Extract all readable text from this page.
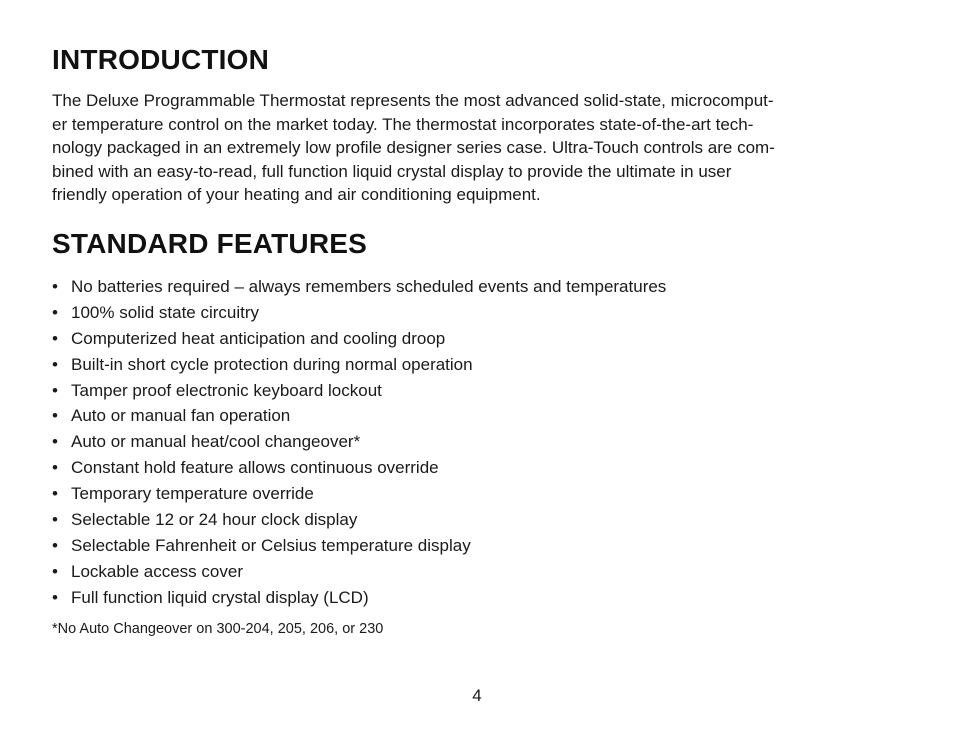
INTRODUCTION

The Deluxe Programmable Thermostat represents the most advanced solid-state, microcomput-
er temperature control on the market today. The thermostat incorporates state-of-the-art tech-
nology packaged in an extremely low profile designer series case. Ultra-Touch controls are com-
bined with an easy-to-read, full function liquid crystal display to provide the ultimate in user
friendly operation of your heating and air conditioning equipment.

STANDARD FEATURES
• No batteries required – always remembers scheduled events and temperatures
• 100% solid state circuitry
• Computerized heat anticipation and cooling droop
• Built-in short cycle protection during normal operation
• Tamper proof electronic keyboard lockout
• Auto or manual fan operation
• Auto or manual heat/cool changeover*
• Constant hold feature allows continuous override
• Temporary temperature override
• Selectable 12 or 24 hour clock display
• Selectable Fahrenheit or Celsius temperature display
• Lockable access cover
• Full function liquid crystal display (LCD)

*No Auto Changeover on 300-204, 205, 206, or 230

4
